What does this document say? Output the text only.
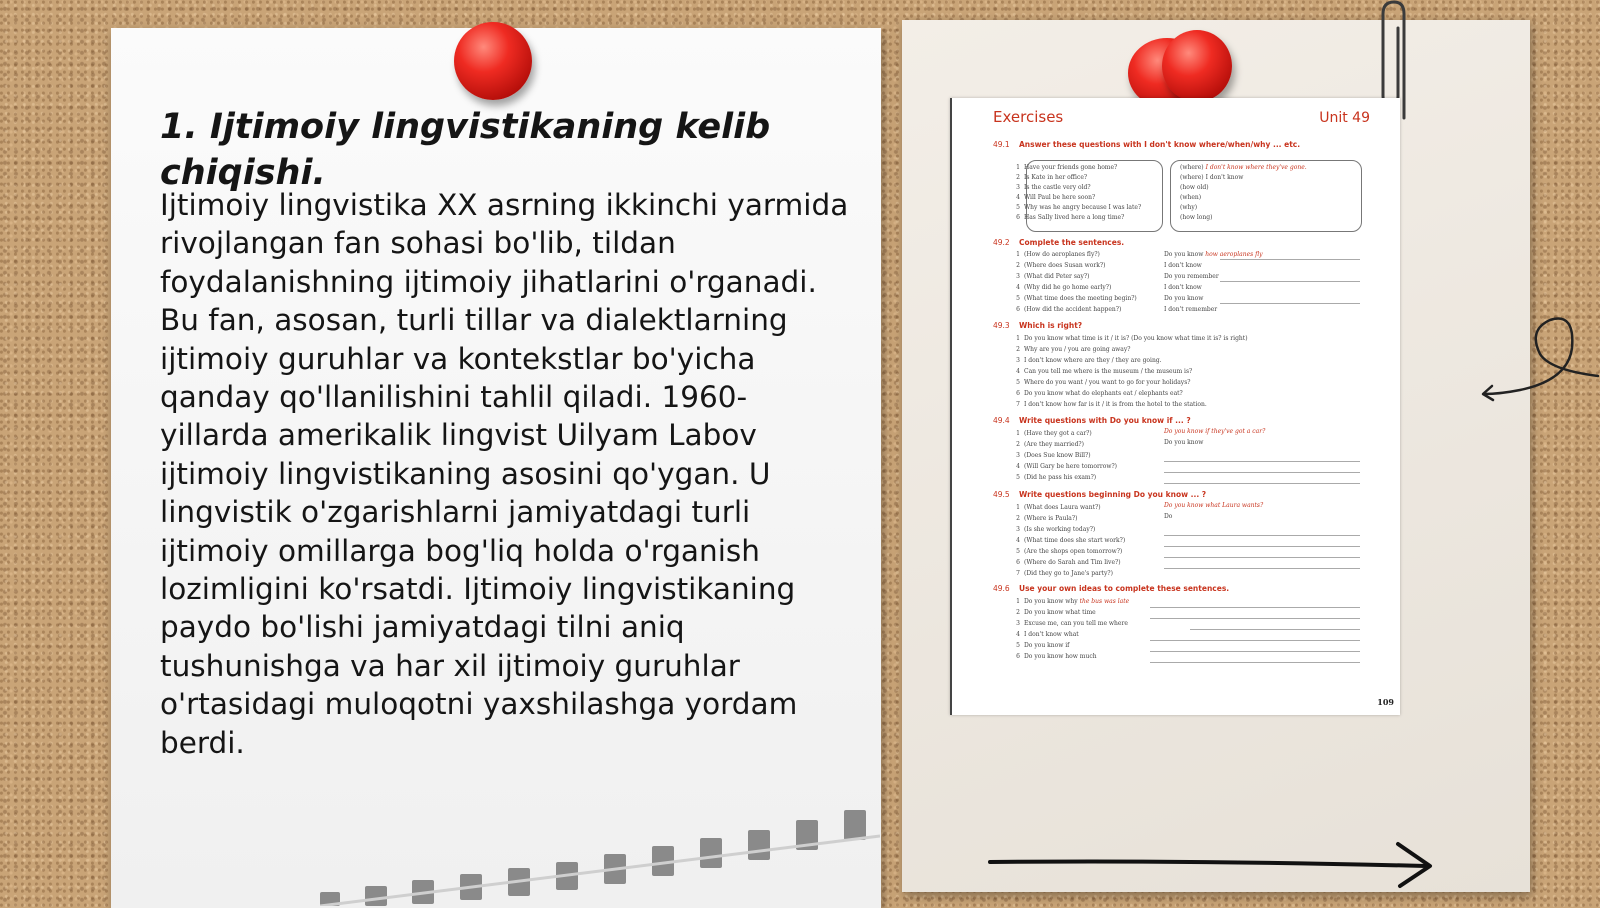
1. Ijtimoiy lingvistikaning kelib chiqishi.

Ijtimoiy lingvistika XX asrning ikkinchi yarmida rivojlangan fan sohasi bo'lib, tildan foydalanishning ijtimoiy jihatlarini o'rganadi. Bu fan, asosan, turli tillar va dialektlarning ijtimoiy guruhlar va kontekstlar bo'yicha qanday qo'llanilishini tahlil qiladi. 1960-yillarda amerikalik lingvist Uilyam Labov ijtimoiy lingvistikaning asosini qo'ygan. U lingvistik o'zgarishlarni jamiyatdagi turli ijtimoiy omillarga bog'liq holda o'rganish lozimligini ko'rsatdi. Ijtimoiy lingvistikaning paydo bo'lishi jamiyatdagi tilni aniq tushunishga va har xil ijtimoiy guruhlar o'rtasidagi muloqotni yaxshilashga yordam berdi.

Exercises	Unit 49
109
49.1 Answer these questions with I don't know where/when/why ... etc.
1 Have your friends gone home?
2 Is Kate in her office?
3 Is the castle very old?
4 Will Paul be here soon?
5 Why was he angry because I was late?
6 Has Sally lived here a long time?
(where) I don't know where they've gone.
(where) I don't know
(how old)
(when)
(why)
(how long)
49.2 Complete the sentences.
1 (How do aeroplanes fly?)
2 (Where does Susan work?)
3 (What did Peter say?)
4 (Why did he go home early?)
5 (What time does the meeting begin?)
6 (How did the accident happen?)
Do you know how aeroplanes fly
I don't know
Do you remember
I don't know
Do you know
I don't remember
49.3 Which is right?
1 Do you know what time is it / it is? (Do you know what time it is? is right)
2 Why are you / you are going away?
3 I don't know where are they / they are going.
4 Can you tell me where is the museum / the museum is?
5 Where do you want / you want to go for your holidays?
6 Do you know what do elephants eat / elephants eat?
7 I don't know how far is it / it is from the hotel to the station.
49.4 Write questions with Do you know if ... ?
1 (Have they got a car?)
2 (Are they married?)
3 (Does Sue know Bill?)
4 (Will Gary be here tomorrow?)
5 (Did he pass his exam?)
Do you know if they've got a car?
Do you know
49.5 Write questions beginning Do you know ... ?
1 (What does Laura want?)
2 (Where is Paula?)
3 (Is she working today?)
4 (What time does she start work?)
5 (Are the shops open tomorrow?)
6 (Where do Sarah and Tim live?)
7 (Did they go to Jane's party?)
Do you know what Laura wants?
Do
49.6 Use your own ideas to complete these sentences.
1 Do you know why the bus was late
2 Do you know what time
3 Excuse me, can you tell me where
4 I don't know what
5 Do you know if
6 Do you know how much
